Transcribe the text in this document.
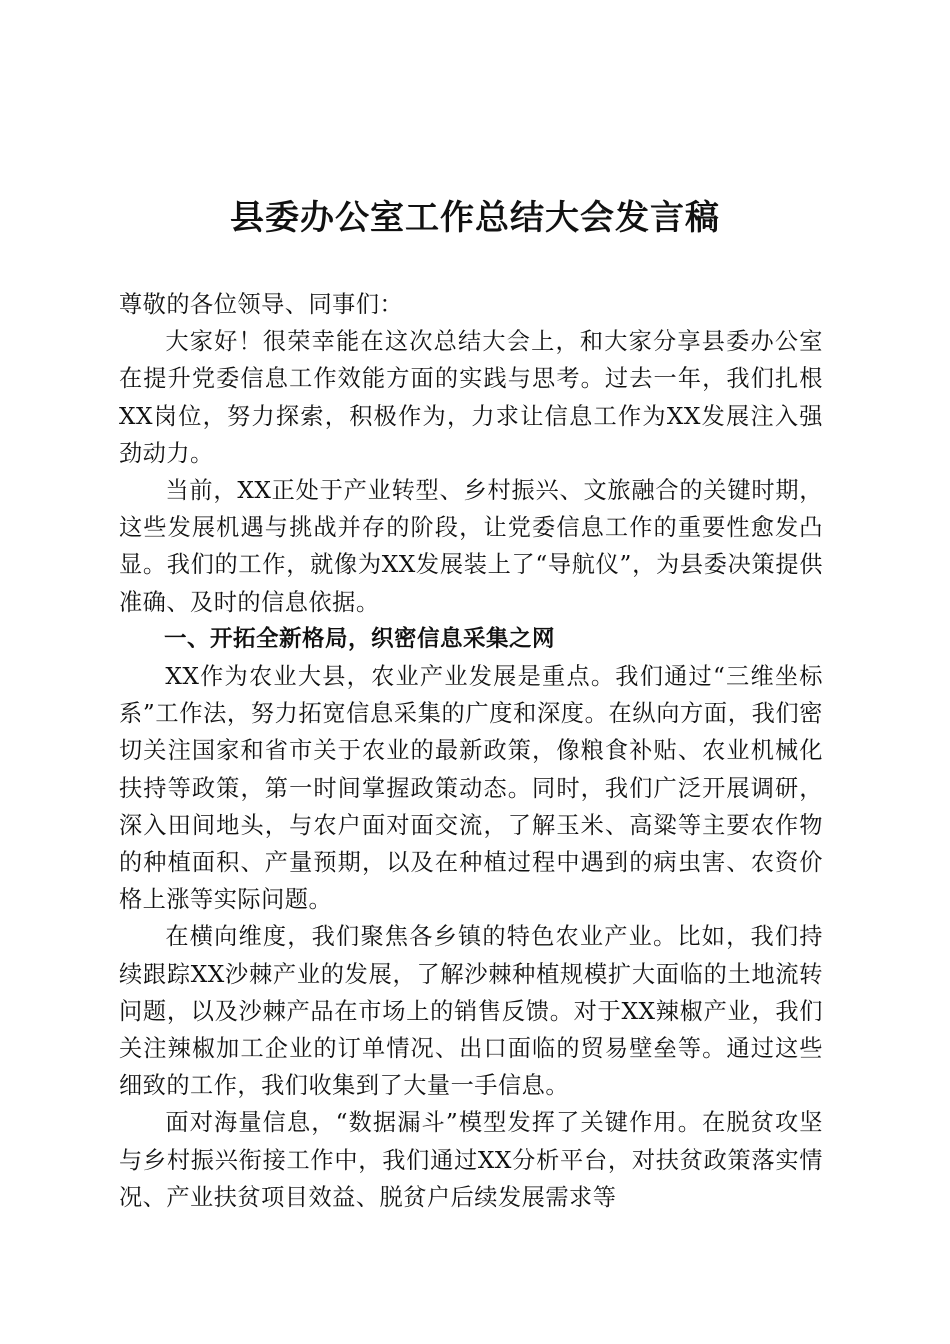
县委办公室工作总结大会发言稿

尊敬的各位领导、同事们：

大家好！很荣幸能在这次总结大会上，和大家分享县委办公室在提升党委信息工作效能方面的实践与思考。过去一年，我们扎根XX岗位，努力探索，积极作为，力求让信息工作为XX发展注入强劲动力。

当前，XX正处于产业转型、乡村振兴、文旅融合的关键时期，这些发展机遇与挑战并存的阶段，让党委信息工作的重要性愈发凸显。我们的工作，就像为XX发展装上了“导航仪”，为县委决策提供准确、及时的信息依据。

一、开拓全新格局，织密信息采集之网

XX作为农业大县，农业产业发展是重点。我们通过“三维坐标系”工作法，努力拓宽信息采集的广度和深度。在纵向方面，我们密切关注国家和省市关于农业的最新政策，像粮食补贴、农业机械化扶持等政策，第一时间掌握政策动态。同时，我们广泛开展调研，深入田间地头，与农户面对面交流，了解玉米、高粱等主要农作物的种植面积、产量预期，以及在种植过程中遇到的病虫害、农资价格上涨等实际问题。

在横向维度，我们聚焦各乡镇的特色农业产业。比如，我们持续跟踪XX沙棘产业的发展，了解沙棘种植规模扩大面临的土地流转问题，以及沙棘产品在市场上的销售反馈。对于XX辣椒产业，我们关注辣椒加工企业的订单情况、出口面临的贸易壁垒等。通过这些细致的工作，我们收集到了大量一手信息。

面对海量信息，“数据漏斗”模型发挥了关键作用。在脱贫攻坚与乡村振兴衔接工作中，我们通过XX分析平台，对扶贫政策落实情况、产业扶贫项目效益、脱贫户后续发展需求等
